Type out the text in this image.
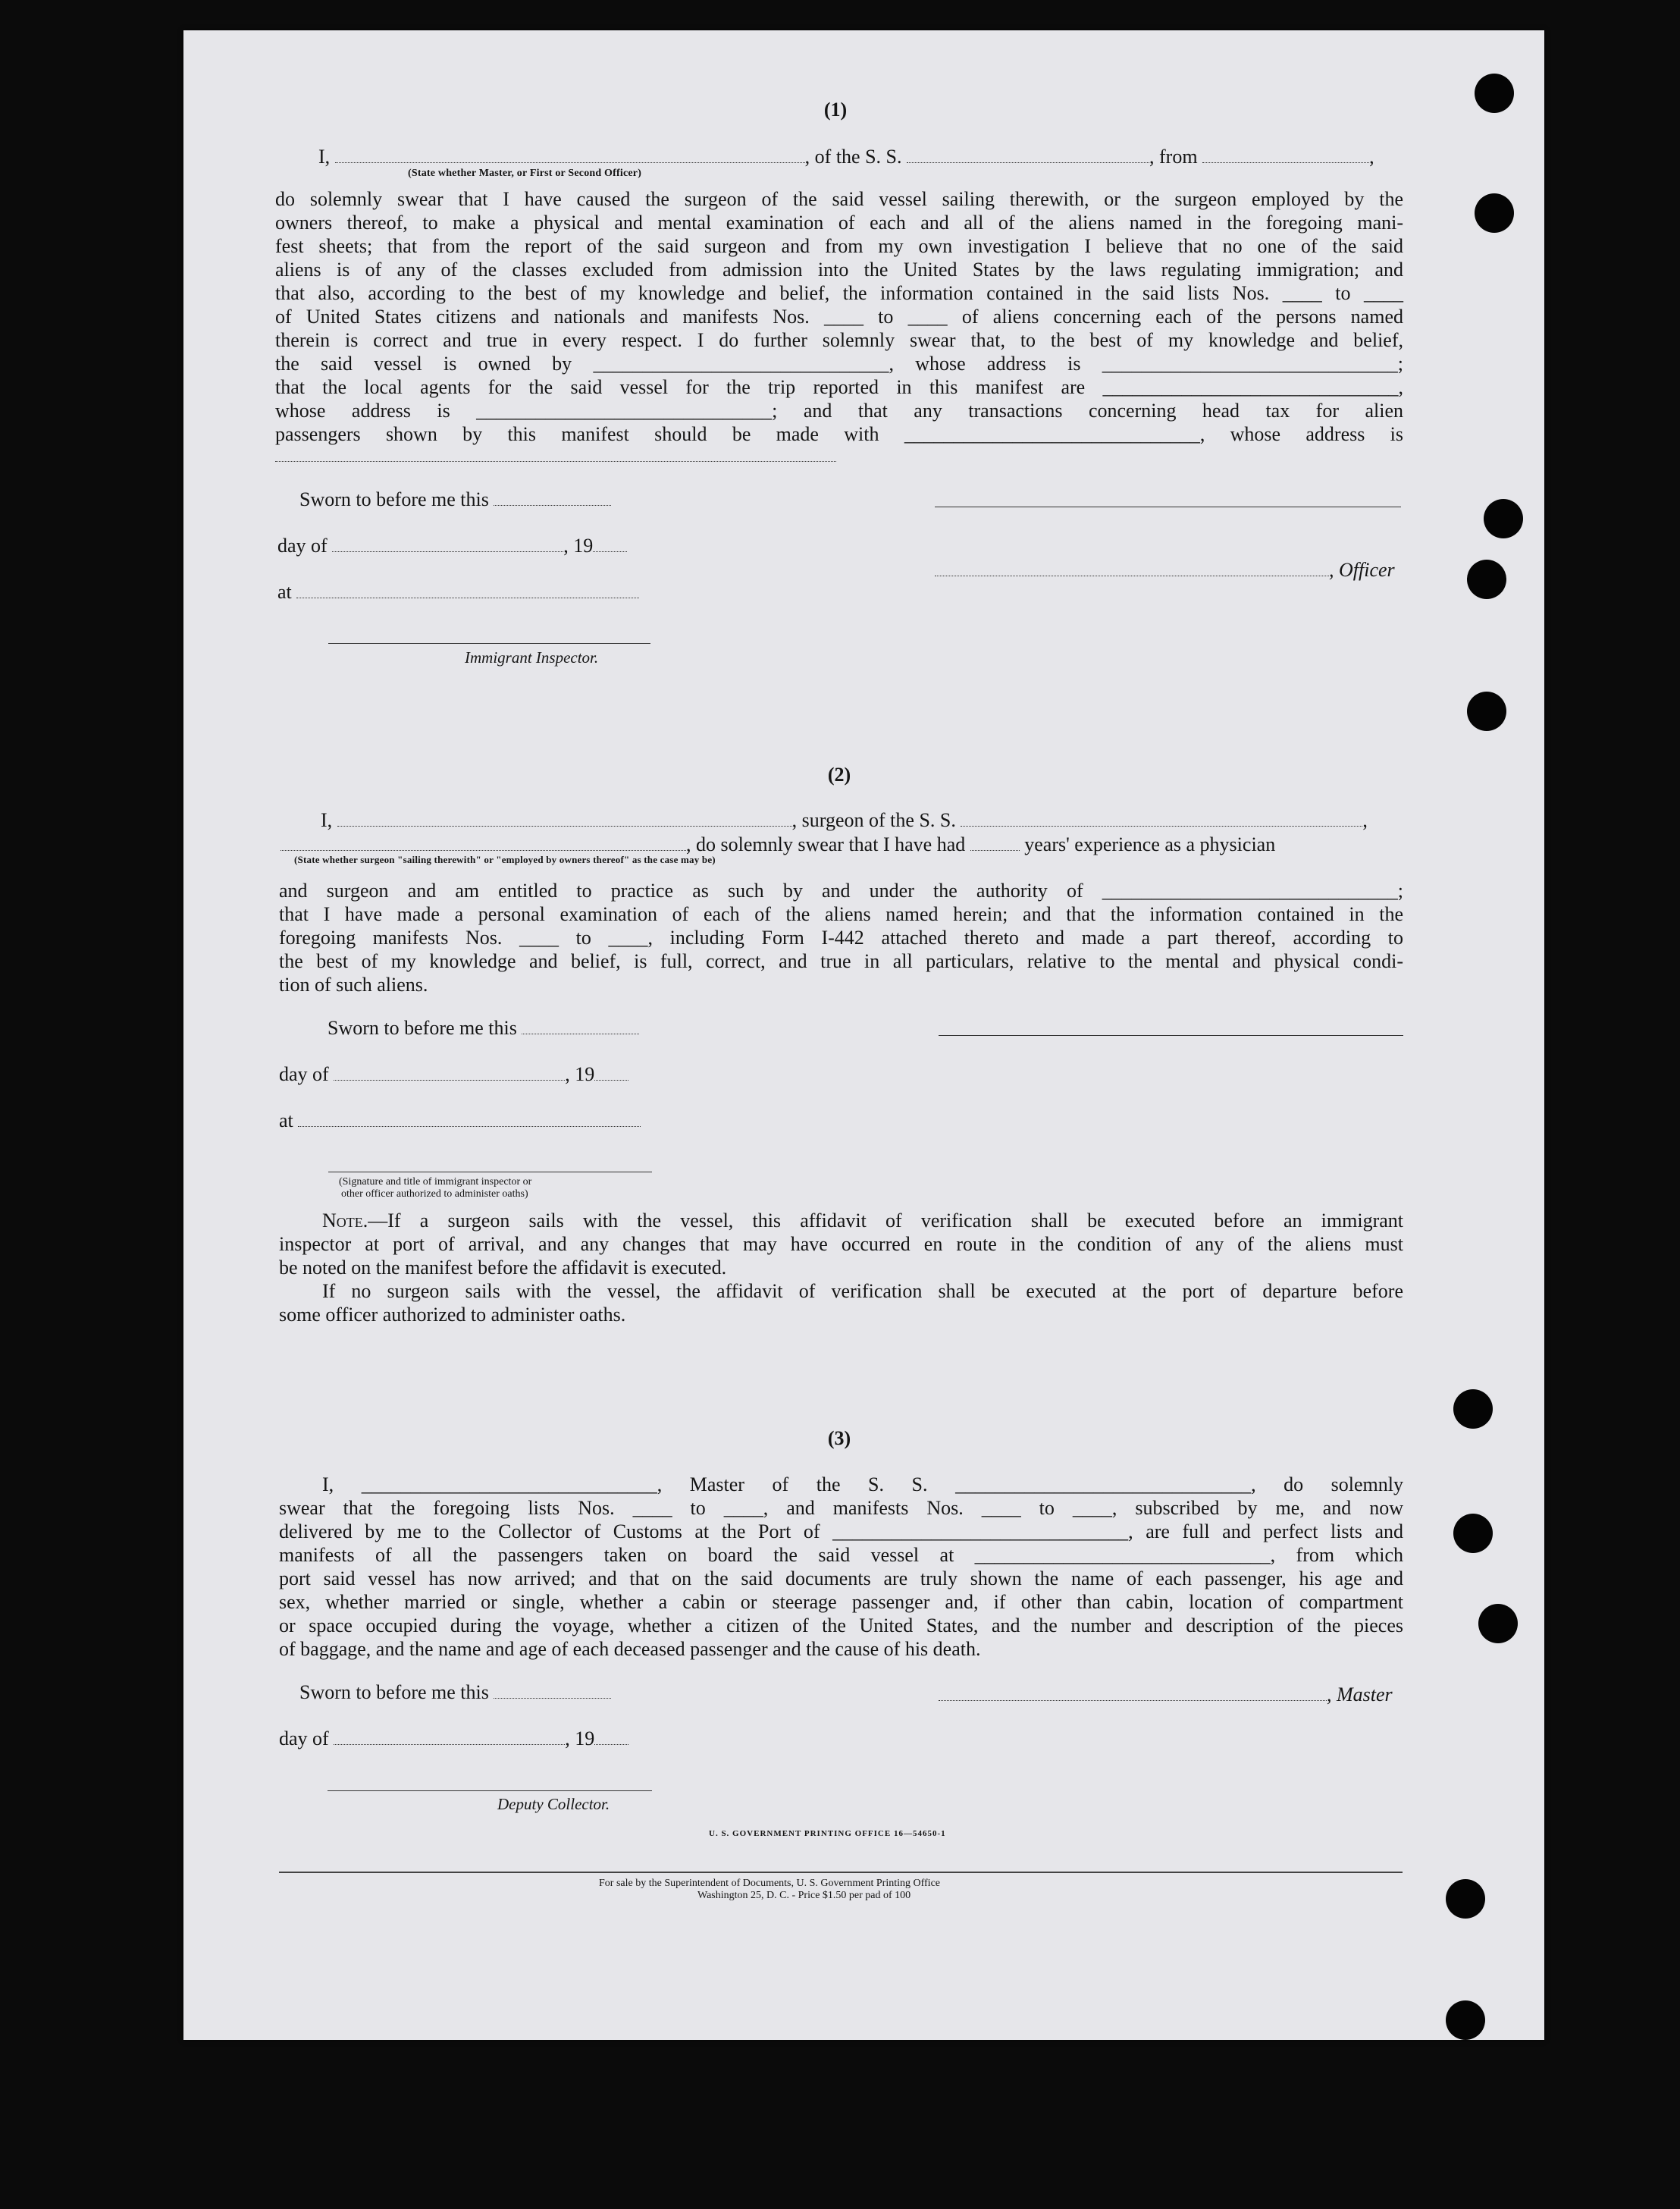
(1)
I,	, of the S. S.	, from	,
(State whether Master, or First or Second Officer)
do solemnly swear that I have caused the surgeon of the said vessel sailing therewith, or the surgeon employed by the
owners thereof, to make a physical and mental examination of each and all of the aliens named in the foregoing mani-
fest sheets; that from the report of the said surgeon and from my own investigation I believe that no one of the said
aliens is of any of the classes excluded from admission into the United States by the laws regulating immigration; and
that also, according to the best of my knowledge and belief, the information contained in the said lists Nos. ____ to ____
of United States citizens and nationals and manifests Nos. ____ to ____ of aliens concerning each of the persons named
therein is correct and true in every respect. I do further solemnly swear that, to the best of my knowledge and belief,
the said vessel is owned by ______________________________, whose address is ______________________________;
that the local agents for the said vessel for the trip reported in this manifest are ______________________________,
whose address is ______________________________; and that any transactions concerning head tax for alien
passengers shown by this manifest should be made with ______________________________, whose address is
Sworn to before me this
day of	, 19
, Officer
at
Immigrant Inspector.
(2)
I,	, surgeon of the S. S.	,
, do solemnly swear that I have had	years' experience as a physician
(State whether surgeon "sailing therewith" or "employed by owners thereof" as the case may be)
and surgeon and am entitled to practice as such by and under the authority of ______________________________;
that I have made a personal examination of each of the aliens named herein; and that the information contained in the
foregoing manifests Nos. ____ to ____, including Form I-442 attached thereto and made a part thereof, according to
the best of my knowledge and belief, is full, correct, and true in all particulars, relative to the mental and physical condi-
tion of such aliens.
Sworn to before me this
day of	, 19
at
(Signature and title of immigrant inspector or
other officer authorized to administer oaths)
Note.—If a surgeon sails with the vessel, this affidavit of verification shall be executed before an immigrant
inspector at port of arrival, and any changes that may have occurred en route in the condition of any of the aliens must
be noted on the manifest before the affidavit is executed.
If no surgeon sails with the vessel, the affidavit of verification shall be executed at the port of departure before
some officer authorized to administer oaths.
(3)
I, ______________________________, Master of the S. S. ______________________________, do solemnly
swear that the foregoing lists Nos. ____ to ____, and manifests Nos. ____ to ____, subscribed by me, and now
delivered by me to the Collector of Customs at the Port of ______________________________, are full and perfect lists and
manifests of all the passengers taken on board the said vessel at ______________________________, from which
port said vessel has now arrived; and that on the said documents are truly shown the name of each passenger, his age and
sex, whether married or single, whether a cabin or steerage passenger and, if other than cabin, location of compartment
or space occupied during the voyage, whether a citizen of the United States, and the number and description of the pieces
of baggage, and the name and age of each deceased passenger and the cause of his death.
Sworn to before me this	, Master
day of	, 19
Deputy Collector.
U. S. GOVERNMENT PRINTING OFFICE 16—54650-1
For sale by the Superintendent of Documents, U. S. Government Printing Office
Washington 25, D. C. - Price $1.50 per pad of 100
